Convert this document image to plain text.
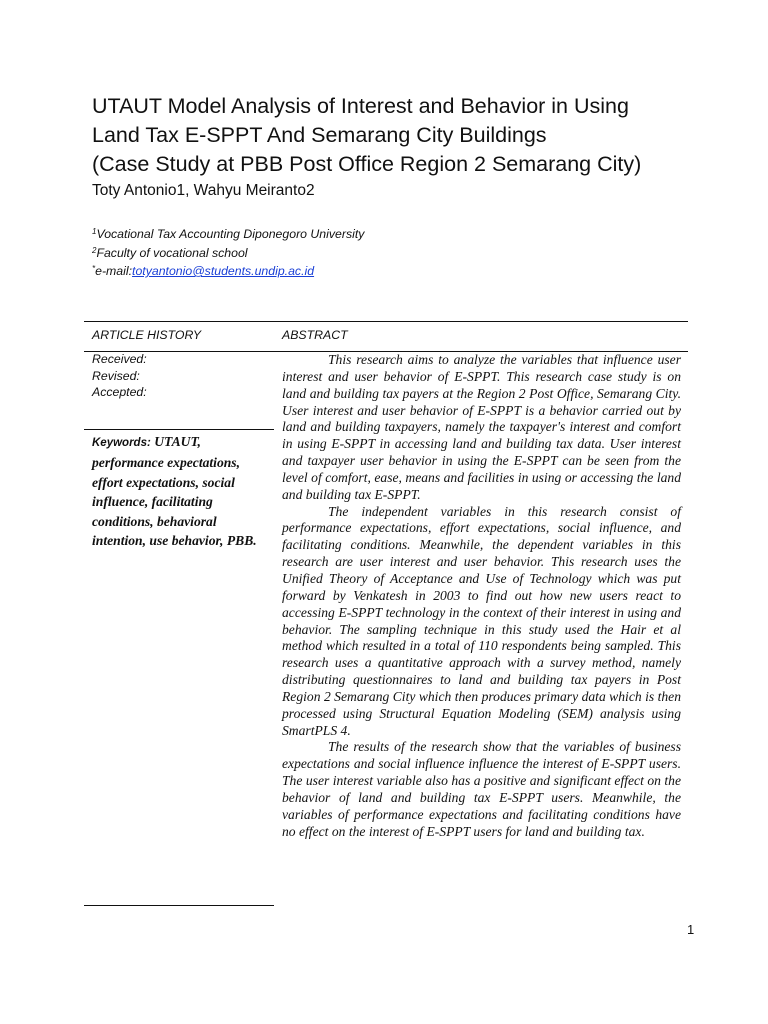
UTAUT Model Analysis of Interest and Behavior in Using
Land Tax E-SPPT And Semarang City Buildings
(Case Study at PBB Post Office Region 2 Semarang City)
Toty Antonio1, Wahyu Meiranto2
$^1$Vocational Tax Accounting Diponegoro University
$^2$Faculty of vocational school
*e-mail:totyantonio@students.undip.ac.id
ARTICLE HISTORY	ABSTRACT
Received:
Revised:
Accepted:
Keywords: UTAUT, performance expectations, effort expectations, social influence, facilitating conditions, behavioral intention, use behavior, PBB.

This research aims to analyze the variables that influence user interest and user behavior of E-SPPT. This research case study is on land and building tax payers at the Region 2 Post Office, Semarang City. User interest and user behavior of E-SPPT is a behavior carried out by land and building taxpayers, namely the taxpayer's interest and comfort in using E-SPPT in accessing land and building tax data. User interest and taxpayer user behavior in using the E-SPPT can be seen from the level of comfort, ease, means and facilities in using or accessing the land and building tax E-SPPT.

The independent variables in this research consist of performance expectations, effort expectations, social influence, and facilitating conditions. Meanwhile, the dependent variables in this research are user interest and user behavior. This research uses the Unified Theory of Acceptance and Use of Technology which was put forward by Venkatesh in 2003 to find out how new users react to accessing E-SPPT technology in the context of their interest in using and behavior. The sampling technique in this study used the Hair et al method which resulted in a total of 110 respondents being sampled. This research uses a quantitative approach with a survey method, namely distributing questionnaires to land and building tax payers in Post Region 2 Semarang City which then produces primary data which is then processed using Structural Equation Modeling (SEM) analysis using SmartPLS 4.

The results of the research show that the variables of business expectations and social influence influence the interest of E-SPPT users. The user interest variable also has a positive and significant effect on the behavior of land and building tax E-SPPT users. Meanwhile, the variables of performance expectations and facilitating conditions have no effect on the interest of E-SPPT users for land and building tax.

1
